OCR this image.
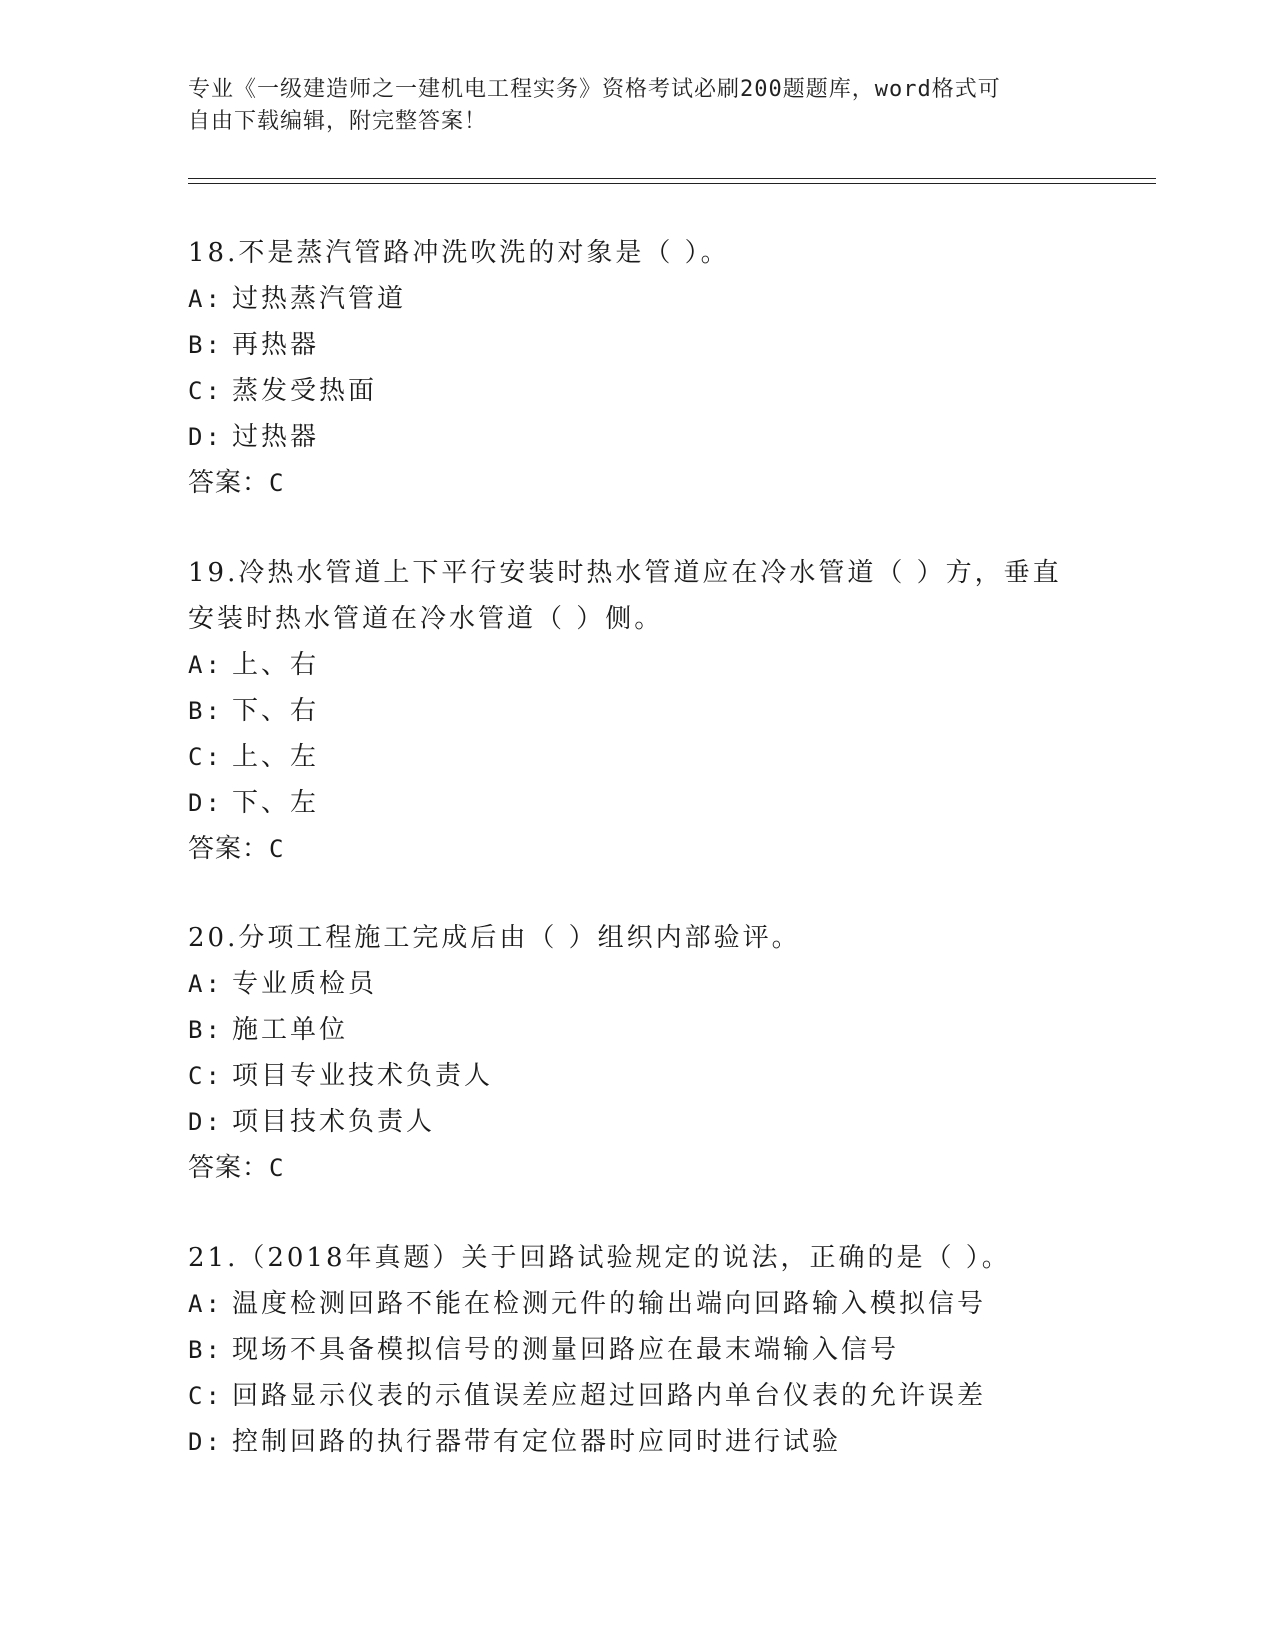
专业《一级建造师之一建机电工程实务》资格考试必刷200题题库，word格式可
自由下载编辑，附完整答案！
18.不是蒸汽管路冲洗吹洗的对象是（ ）。
A: 过热蒸汽管道
B: 再热器
C: 蒸发受热面
D: 过热器
答案：C
19.冷热水管道上下平行安装时热水管道应在冷水管道（ ）方，垂直
安装时热水管道在冷水管道（ ）侧。
A: 上、右
B: 下、右
C: 上、左
D: 下、左
答案：C
20.分项工程施工完成后由（ ）组织内部验评。
A: 专业质检员
B: 施工单位
C: 项目专业技术负责人
D: 项目技术负责人
答案：C
21.（2018年真题）关于回路试验规定的说法，正确的是（ ）。
A: 温度检测回路不能在检测元件的输出端向回路输入模拟信号
B: 现场不具备模拟信号的测量回路应在最末端输入信号
C: 回路显示仪表的示值误差应超过回路内单台仪表的允许误差
D: 控制回路的执行器带有定位器时应同时进行试验
